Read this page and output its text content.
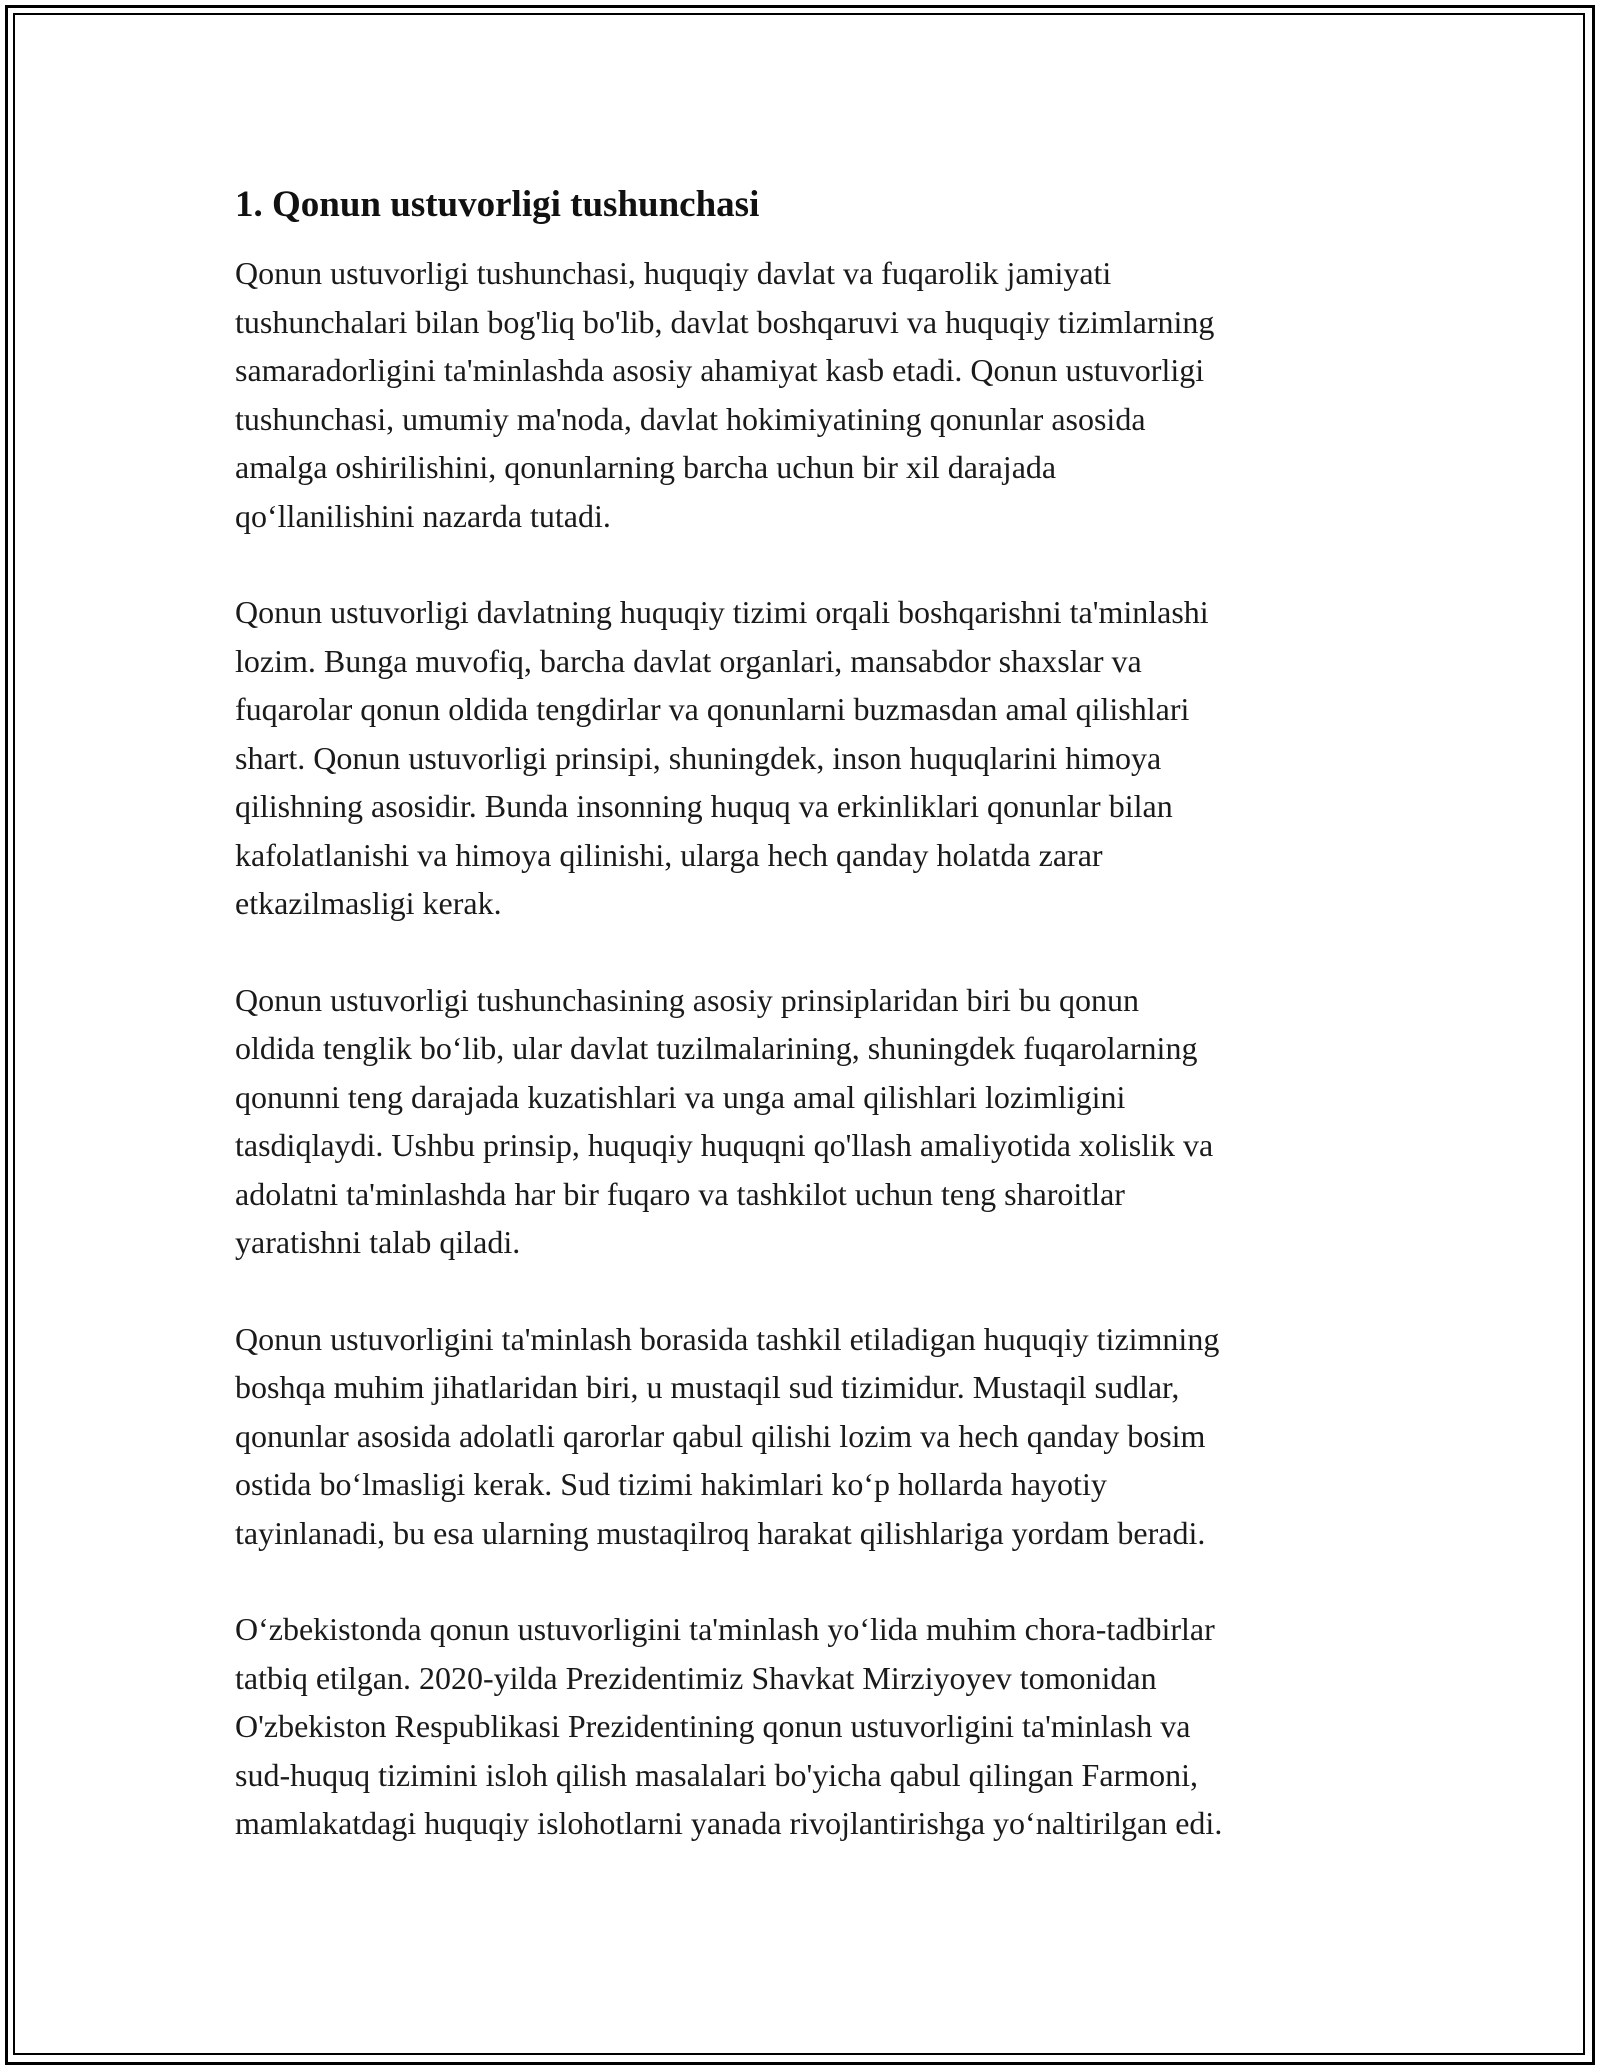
1. Qonun ustuvorligi tushunchasi

Qonun ustuvorligi tushunchasi, huquqiy davlat va fuqarolik jamiyati
tushunchalari bilan bog'liq bo'lib, davlat boshqaruvi va huquqiy tizimlarning
samaradorligini ta'minlashda asosiy ahamiyat kasb etadi. Qonun ustuvorligi
tushunchasi, umumiy ma'noda, davlat hokimiyatining qonunlar asosida
amalga oshirilishini, qonunlarning barcha uchun bir xil darajada
qo‘llanilishini nazarda tutadi.

Qonun ustuvorligi davlatning huquqiy tizimi orqali boshqarishni ta'minlashi
lozim. Bunga muvofiq, barcha davlat organlari, mansabdor shaxslar va
fuqarolar qonun oldida tengdirlar va qonunlarni buzmasdan amal qilishlari
shart. Qonun ustuvorligi prinsipi, shuningdek, inson huquqlarini himoya
qilishning asosidir. Bunda insonning huquq va erkinliklari qonunlar bilan
kafolatlanishi va himoya qilinishi, ularga hech qanday holatda zarar
etkazilmasligi kerak.

Qonun ustuvorligi tushunchasining asosiy prinsiplaridan biri bu qonun
oldida tenglik bo‘lib, ular davlat tuzilmalarining, shuningdek fuqarolarning
qonunni teng darajada kuzatishlari va unga amal qilishlari lozimligini
tasdiqlaydi. Ushbu prinsip, huquqiy huquqni qo'llash amaliyotida xolislik va
adolatni ta'minlashda har bir fuqaro va tashkilot uchun teng sharoitlar
yaratishni talab qiladi.

Qonun ustuvorligini ta'minlash borasida tashkil etiladigan huquqiy tizimning
boshqa muhim jihatlaridan biri, u mustaqil sud tizimidur. Mustaqil sudlar,
qonunlar asosida adolatli qarorlar qabul qilishi lozim va hech qanday bosim
ostida bo‘lmasligi kerak. Sud tizimi hakimlari ko‘p hollarda hayotiy
tayinlanadi, bu esa ularning mustaqilroq harakat qilishlariga yordam beradi.

O‘zbekistonda qonun ustuvorligini ta'minlash yo‘lida muhim chora-tadbirlar
tatbiq etilgan. 2020-yilda Prezidentimiz Shavkat Mirziyoyev tomonidan
O'zbekiston Respublikasi Prezidentining qonun ustuvorligini ta'minlash va
sud-huquq tizimini isloh qilish masalalari bo'yicha qabul qilingan Farmoni,
mamlakatdagi huquqiy islohotlarni yanada rivojlantirishga yo‘naltirilgan edi.
